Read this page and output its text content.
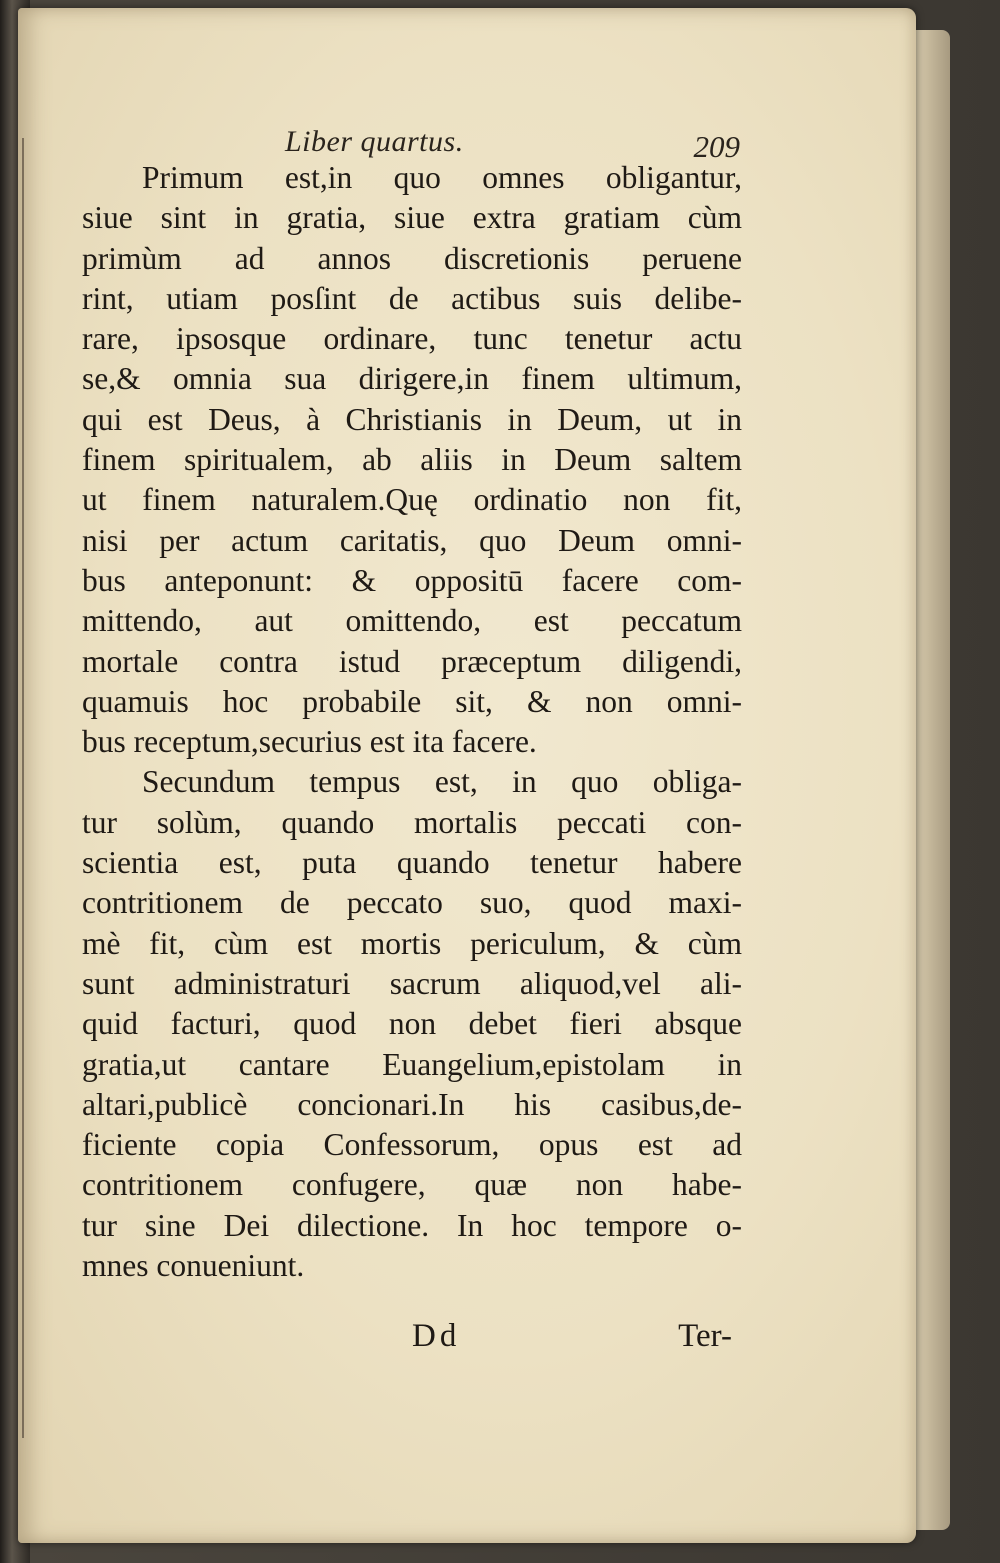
Liber quartus.	209
Primum est,in quo omnes obligantur,
siue sint in gratia, siue extra gratiam cùm
primùm ad annos discretionis peruene
rint, utiam posſint de actibus suis delibe-
rare, ipsosque ordinare, tunc tenetur actu
se,& omnia sua dirigere,in finem ultimum,
qui est Deus, à Christianis in Deum, ut in
finem spiritualem, ab aliis in Deum saltem
ut finem naturalem.Quę ordinatio non fit,
nisi per actum caritatis, quo Deum omni-
bus anteponunt: & oppositū facere com-
mittendo, aut omittendo, est peccatum
mortale contra istud præceptum diligendi,
quamuis hoc probabile sit, & non omni-
bus receptum,securius est ita facere.
Secundum tempus est, in quo obliga-
tur solùm, quando mortalis peccati con-
scientia est, puta quando tenetur habere
contritionem de peccato suo, quod maxi-
mè fit, cùm est mortis periculum, & cùm
sunt administraturi sacrum aliquod,vel ali-
quid facturi, quod non debet fieri absque
gratia,ut cantare Euangelium,epistolam in
altari,publicè concionari.In his casibus,de-
ficiente copia Confessorum, opus est ad
contritionem confugere, quæ non habe-
tur sine Dei dilectione. In hoc tempore o-
mnes conueniunt.
Dd	Ter-
